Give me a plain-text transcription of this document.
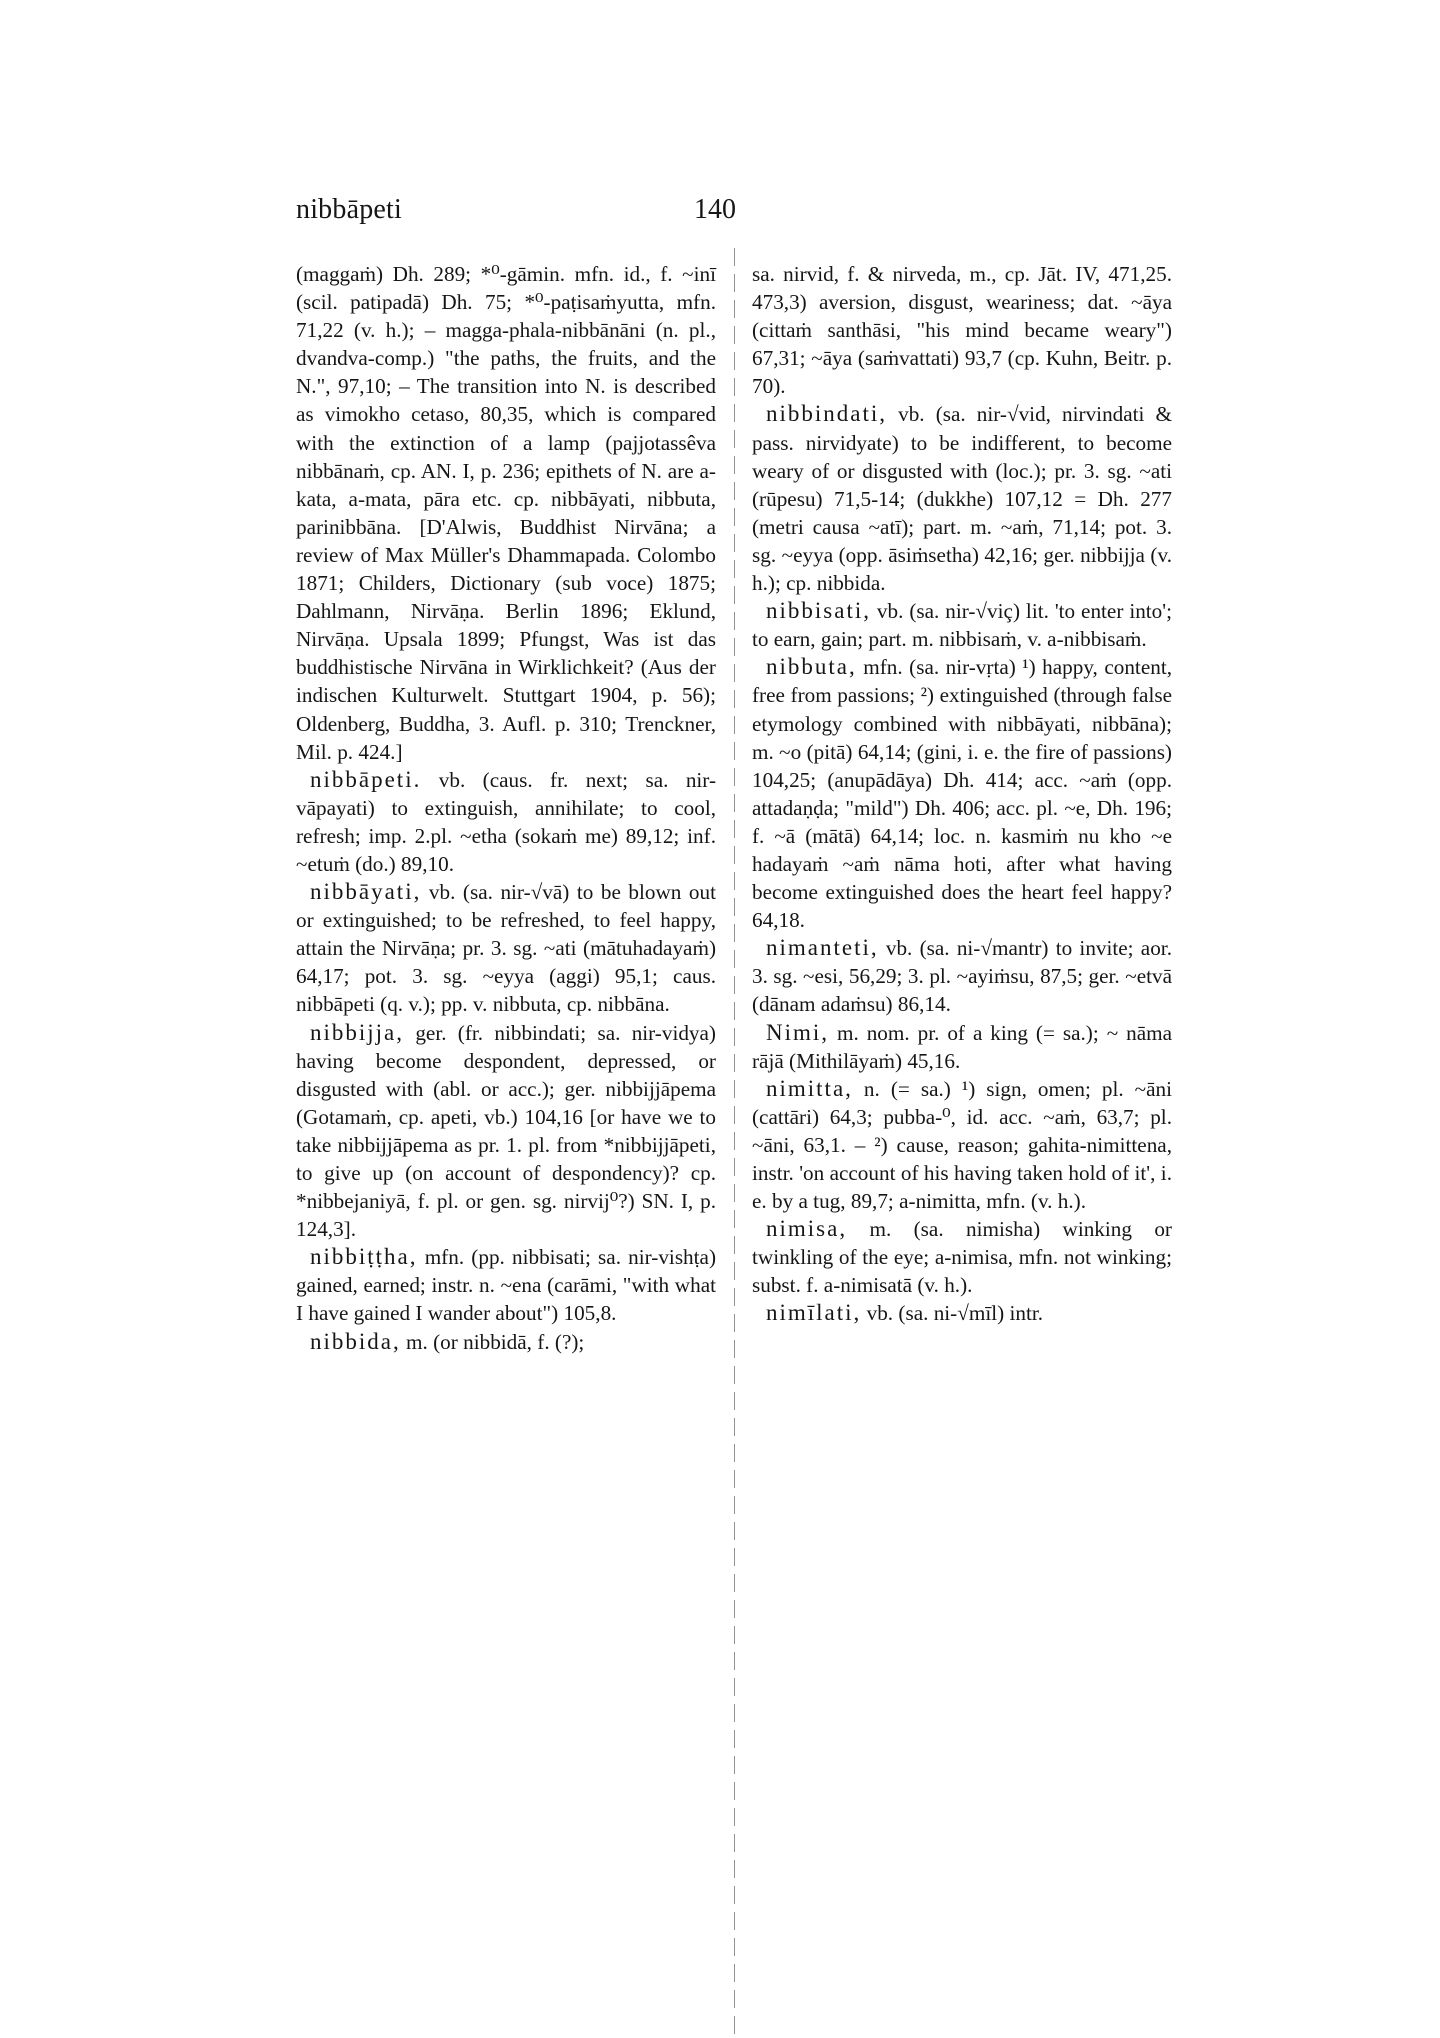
nibbāpeti	140

(maggaṁ) Dh. 289; *⁰-gāmin. mfn. id., f. ~inī (scil. patipadā) Dh. 75; *⁰-paṭisaṁyutta, mfn. 71,22 (v. h.); – magga-phala-nibbānāni (n. pl., dvandva-comp.) "the paths, the fruits, and the N.", 97,10; – The transition into N. is described as vimokho cetaso, 80,35, which is compared with the extinction of a lamp (pajjotassêva nibbānaṁ, cp. AN. I, p. 236; epithets of N. are a-kata, a-mata, pāra etc. cp. nibbāyati, nibbuta, parinibbāna. [D'Alwis, Buddhist Nirvāna; a review of Max Müller's Dhammapada. Colombo 1871; Childers, Dictionary (sub voce) 1875; Dahlmann, Nirvāṇa. Berlin 1896; Eklund, Nirvāṇa. Upsala 1899; Pfungst, Was ist das buddhistische Nirvāna in Wirklichkeit? (Aus der indischen Kulturwelt. Stuttgart 1904, p. 56); Oldenberg, Buddha, 3. Aufl. p. 310; Trenckner, Mil. p. 424.]

nibbāpeti. vb. (caus. fr. next; sa. nir-vāpayati) to extinguish, annihilate; to cool, refresh; imp. 2.pl. ~etha (sokaṁ me) 89,12; inf. ~etuṁ (do.) 89,10.

nibbāyati, vb. (sa. nir-√vā) to be blown out or extinguished; to be refreshed, to feel happy, attain the Nirvāṇa; pr. 3. sg. ~ati (mātuhadayaṁ) 64,17; pot. 3. sg. ~eyya (aggi) 95,1; caus. nibbāpeti (q. v.); pp. v. nibbuta, cp. nibbāna.

nibbijja, ger. (fr. nibbindati; sa. nir-vidya) having become despondent, depressed, or disgusted with (abl. or acc.); ger. nibbijjāpema (Gotamaṁ, cp. apeti, vb.) 104,16 [or have we to take nibbijjāpema as pr. 1. pl. from *nibbijjāpeti, to give up (on account of despondency)? cp. *nibbejaniyā, f. pl. or gen. sg. nirvij⁰?) SN. I, p. 124,3].

nibbiṭṭha, mfn. (pp. nibbisati; sa. nir-vishṭa) gained, earned; instr. n. ~ena (carāmi, "with what I have gained I wander about") 105,8.

nibbida, m. (or nibbidā, f. (?);

sa. nirvid, f. & nirveda, m., cp. Jāt. IV, 471,25. 473,3) aversion, disgust, weariness; dat. ~āya (cittaṁ santhāsi, "his mind became weary") 67,31; ~āya (saṁvattati) 93,7 (cp. Kuhn, Beitr. p. 70).

nibbindati, vb. (sa. nir-√vid, nirvindati & pass. nirvidyate) to be indifferent, to become weary of or disgusted with (loc.); pr. 3. sg. ~ati (rūpesu) 71,5-14; (dukkhe) 107,12 = Dh. 277 (metri causa ~atī); part. m. ~aṁ, 71,14; pot. 3. sg. ~eyya (opp. āsiṁsetha) 42,16; ger. nibbijja (v. h.); cp. nibbida.

nibbisati, vb. (sa. nir-√viç) lit. 'to enter into'; to earn, gain; part. m. nibbisaṁ, v. a-nibbisaṁ.

nibbuta, mfn. (sa. nir-vṛta) ¹) happy, content, free from passions; ²) extinguished (through false etymology combined with nibbāyati, nibbāna); m. ~o (pitā) 64,14; (gini, i. e. the fire of passions) 104,25; (anupādāya) Dh. 414; acc. ~aṁ (opp. attadaṇḍa; "mild") Dh. 406; acc. pl. ~e, Dh. 196; f. ~ā (mātā) 64,14; loc. n. kasmiṁ nu kho ~e hadayaṁ ~aṁ nāma hoti, after what having become extinguished does the heart feel happy? 64,18.

nimanteti, vb. (sa. ni-√mantr) to invite; aor. 3. sg. ~esi, 56,29; 3. pl. ~ayiṁsu, 87,5; ger. ~etvā (dānam adaṁsu) 86,14.

Nimi, m. nom. pr. of a king (= sa.); ~ nāma rājā (Mithilāyaṁ) 45,16.

nimitta, n. (= sa.) ¹) sign, omen; pl. ~āni (cattāri) 64,3; pubba-⁰, id. acc. ~aṁ, 63,7; pl. ~āni, 63,1. – ²) cause, reason; gahita-nimittena, instr. 'on account of his having taken hold of it', i. e. by a tug, 89,7; a-nimitta, mfn. (v. h.).

nimisa, m. (sa. nimisha) winking or twinkling of the eye; a-nimisa, mfn. not winking; subst. f. a-nimisatā (v. h.).

nimīlati, vb. (sa. ni-√mīl) intr.
